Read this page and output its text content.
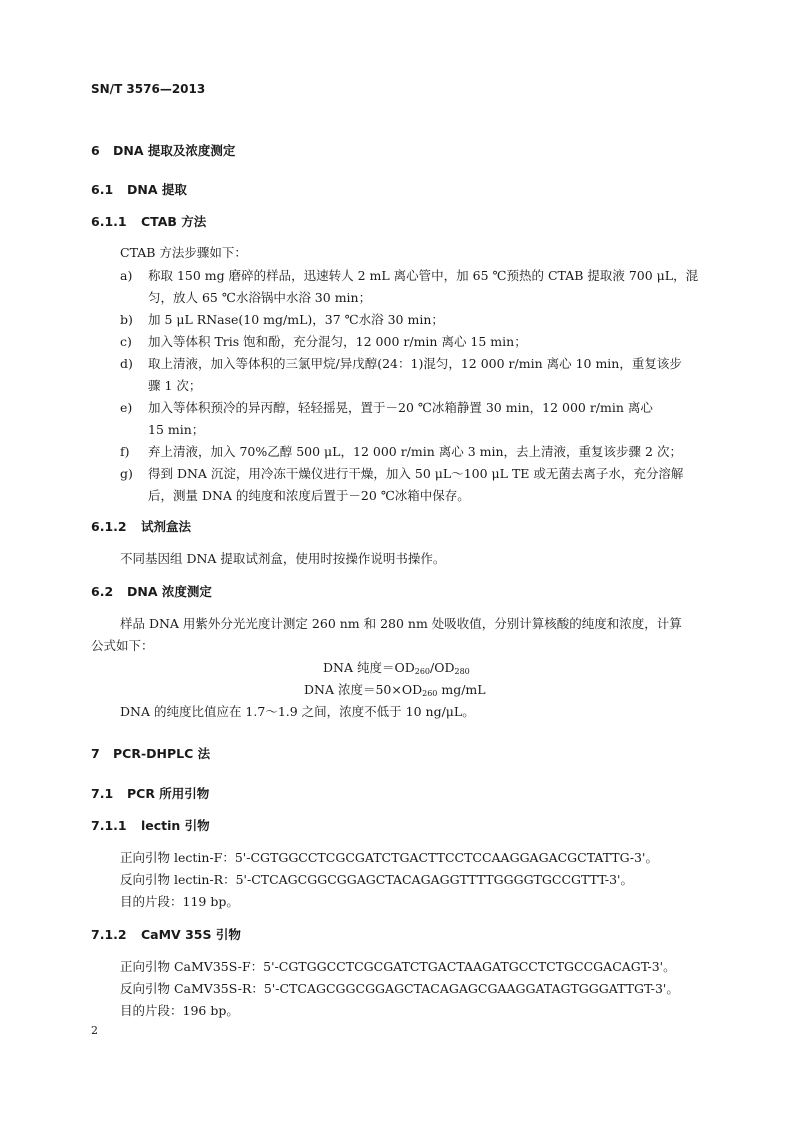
SN/T 3576—2013
6 DNA 提取及浓度测定
6.1 DNA 提取
6.1.1 CTAB 方法
CTAB 方法步骤如下：
a) 称取 150 mg 磨碎的样品，迅速转人 2 mL 离心管中，加 65 ℃预热的 CTAB 提取液 700 μL，混
匀，放人 65 ℃水浴锅中水浴 30 min；
b) 加 5 μL RNase(10 mg/mL)，37 ℃水浴 30 min；
c) 加入等体积 Tris 饱和酚，充分混匀，12 000 r/min 离心 15 min；
d) 取上清液，加入等体积的三氯甲烷/异戊醇(24：1)混匀，12 000 r/min 离心 10 min，重复该步
骤 1 次；
e) 加入等体积预冷的异丙醇，轻轻摇晃，置于－20 ℃冰箱静置 30 min，12 000 r/min 离心
15 min；
f) 弃上清液，加入 70%乙醇 500 μL，12 000 r/min 离心 3 min，去上清液，重复该步骤 2 次；
g) 得到 DNA 沉淀，用冷冻干燥仪进行干燥，加入 50 μL～100 μL TE 或无菌去离子水，充分溶解
后，测量 DNA 的纯度和浓度后置于－20 ℃冰箱中保存。
6.1.2 试剂盒法
不同基因组 DNA 提取试剂盒，使用时按操作说明书操作。
6.2 DNA 浓度测定
样品 DNA 用紫外分光光度计测定 260 nm 和 280 nm 处吸收值，分别计算核酸的纯度和浓度，计算
公式如下：
DNA 纯度$=OD_{260}/OD_{280}$
DNA 浓度$=50\times OD_{260}$ mg/mL
DNA 的纯度比值应在 1.7～1.9 之间，浓度不低于 10 ng/μL。
7 PCR-DHPLC 法
7.1 PCR 所用引物
7.1.1 lectin 引物
正向引物 lectin-F：5'-CGTGGCCTCGCGATCTGACTTCCTCCAAGGAGACGCTATTG-3'。
反向引物 lectin-R：5'-CTCAGCGGCGGAGCTACAGAGGTTTTGGGGTGCCGTTT-3'。
目的片段：119 bp。
7.1.2 CaMV 35S 引物
正向引物 CaMV35S-F：5'-CGTGGCCTCGCGATCTGACTAAGATGCCTCTGCCGACAGT-3'。
反向引物 CaMV35S-R：5'-CTCAGCGGCGGAGCTACAGAGCGAAGGATAGTGGGATTGT-3'。
目的片段：196 bp。
2
